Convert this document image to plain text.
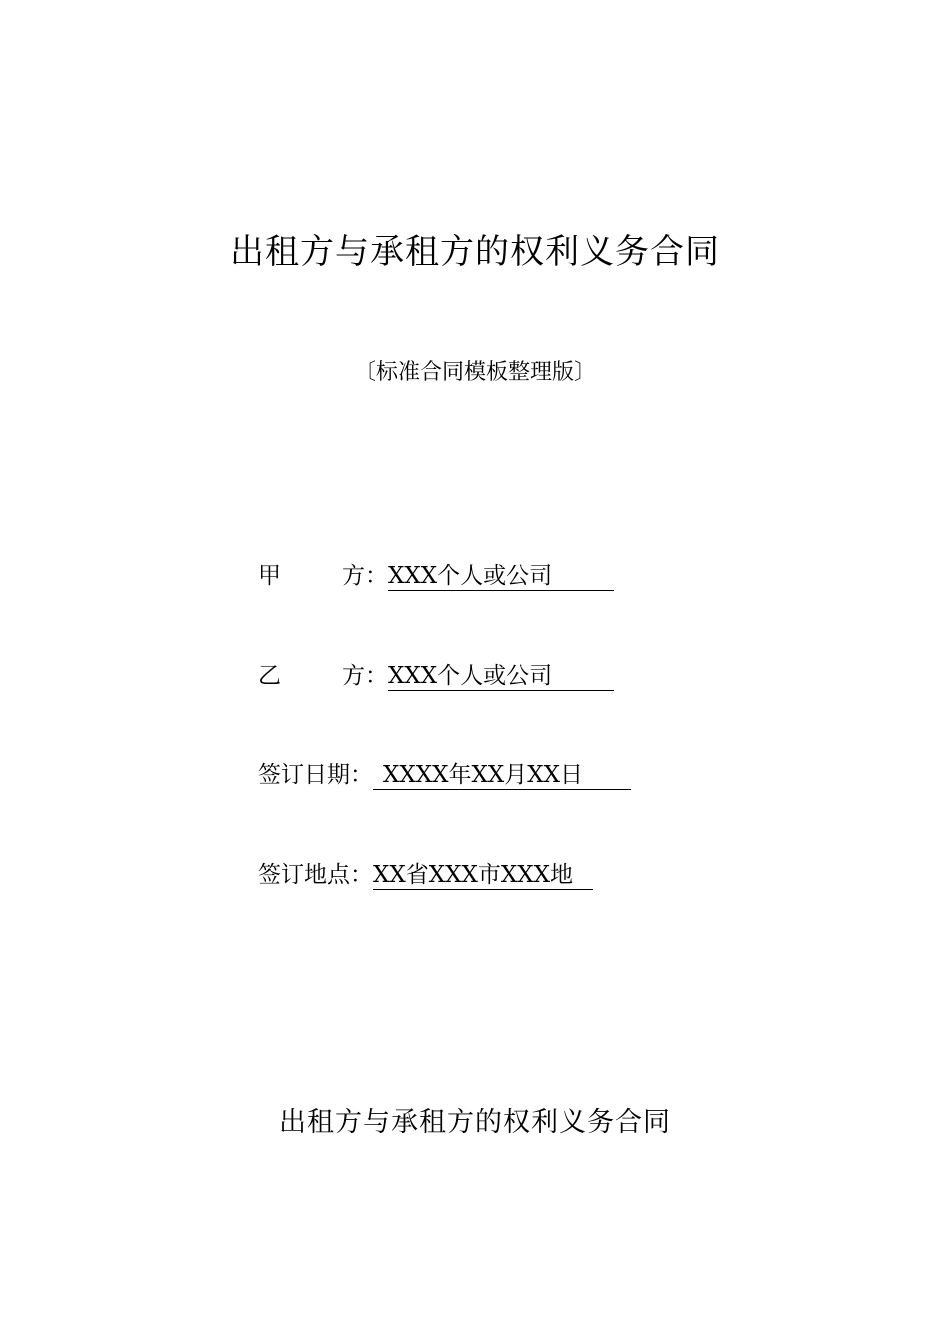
出租方与承租方的权利义务合同
〔标准合同模板整理版〕
甲	方： XXX个人或公司
乙	方： XXX个人或公司
签订日期： XXXX年XX月XX日
签订地点：XX省XXX市XXX地
出租方与承租方的权利义务合同
